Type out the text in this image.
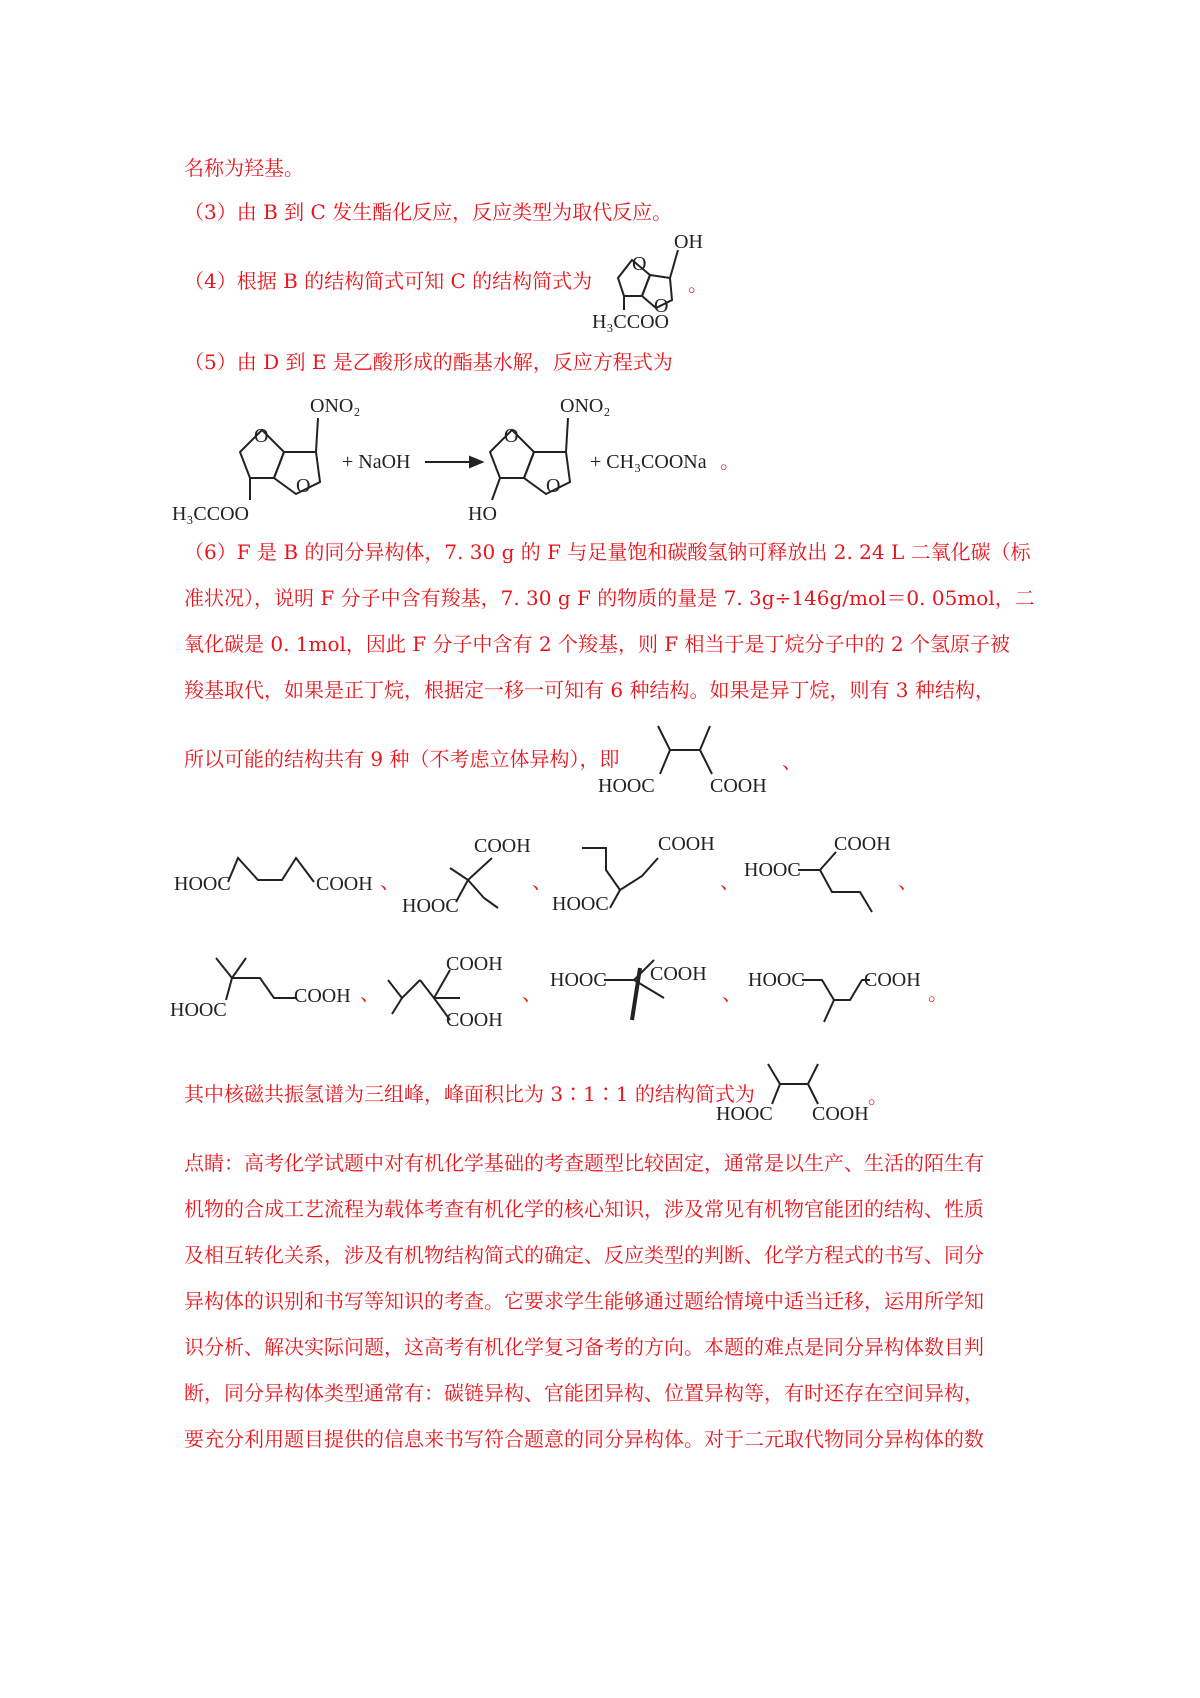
名称为羟基。
（3）由 B 到 C 发生酯化反应，反应类型为取代反应。
（4）根据 B 的结构简式可知 C 的结构简式为	。
（5）由 D 到 E 是乙酸形成的酯基水解，反应方程式为
（6）F 是 B 的同分异构体，7. 30 g 的 F 与足量饱和碳酸氢钠可释放出 2. 24 L 二氧化碳（标
准状况），说明 F 分子中含有羧基，7. 30 g F 的物质的量是 7. 3g÷146g/mol＝0. 05mol，二
氧化碳是 0. 1mol，因此 F 分子中含有 2 个羧基，则 F 相当于是丁烷分子中的 2 个氢原子被
羧基取代，如果是正丁烷，根据定一移一可知有 6 种结构。如果是异丁烷，则有 3 种结构，
所以可能的结构共有 9 种（不考虑立体异构），即	、
其中核磁共振氢谱为三组峰，峰面积比为 3∶1∶1 的结构简式为	。
点睛：高考化学试题中对有机化学基础的考查题型比较固定，通常是以生产、生活的陌生有
机物的合成工艺流程为载体考查有机化学的核心知识，涉及常见有机物官能团的结构、性质
及相互转化关系，涉及有机物结构简式的确定、反应类型的判断、化学方程式的书写、同分
异构体的识别和书写等知识的考查。它要求学生能够通过题给情境中适当迁移，运用所学知
识分析、解决实际问题，这高考有机化学复习备考的方向。本题的难点是同分异构体数目判
断，同分异构体类型通常有：碳链异构、官能团异构、位置异构等，有时还存在空间异构，
要充分利用题目提供的信息来书写符合题意的同分异构体。对于二元取代物同分异构体的数
OH
O
O
H₃CCOO
ONO₂
O
O
H₃CCOO
+ NaOH
ONO₂
O
O
HO
+ CH₃COONa 。
HOOC	COOH
HOOC	COOH 、
COOH
HOOC
、
COOH
HOOC
、
HOOC
COOH
、
HOOC
COOH 、
COOH
COOH
、
HOOC COOH
、
HOOC	COOH
。
HOOC COOH
